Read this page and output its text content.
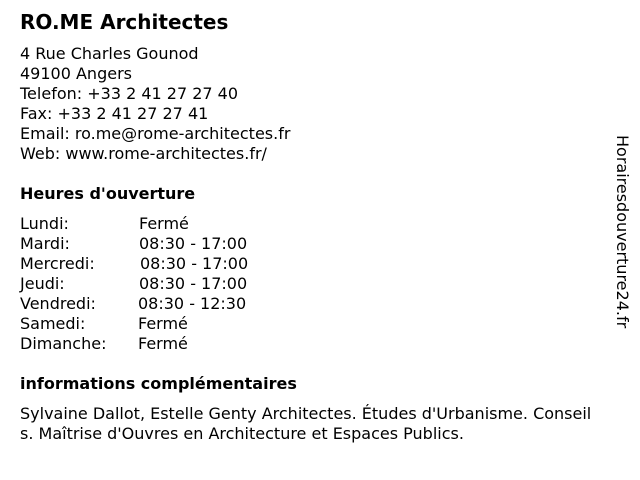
RO.ME Architectes
4 Rue Charles Gounod
49100 Angers
Telefon: +33 2 41 27 27 40
Fax: +33 2 41 27 27 41
Email: ro.me@rome-architectes.fr
Web: www.rome-architectes.fr/
Heures d'ouverture
Lundi:	Fermé
Mardi:	08:30 - 17:00
Mercredi:	08:30 - 17:00
Jeudi:	08:30 - 17:00
Vendredi:	08:30 - 12:30
Samedi:	Fermé
Dimanche: Fermé
informations complémentaires

Sylvaine Dallot, Estelle Genty Architectes. Études d'Urbanisme. Conseils. Maîtrise d'Ouvres en Architecture et Espaces Publics.

Horairesdouverture24.fr
